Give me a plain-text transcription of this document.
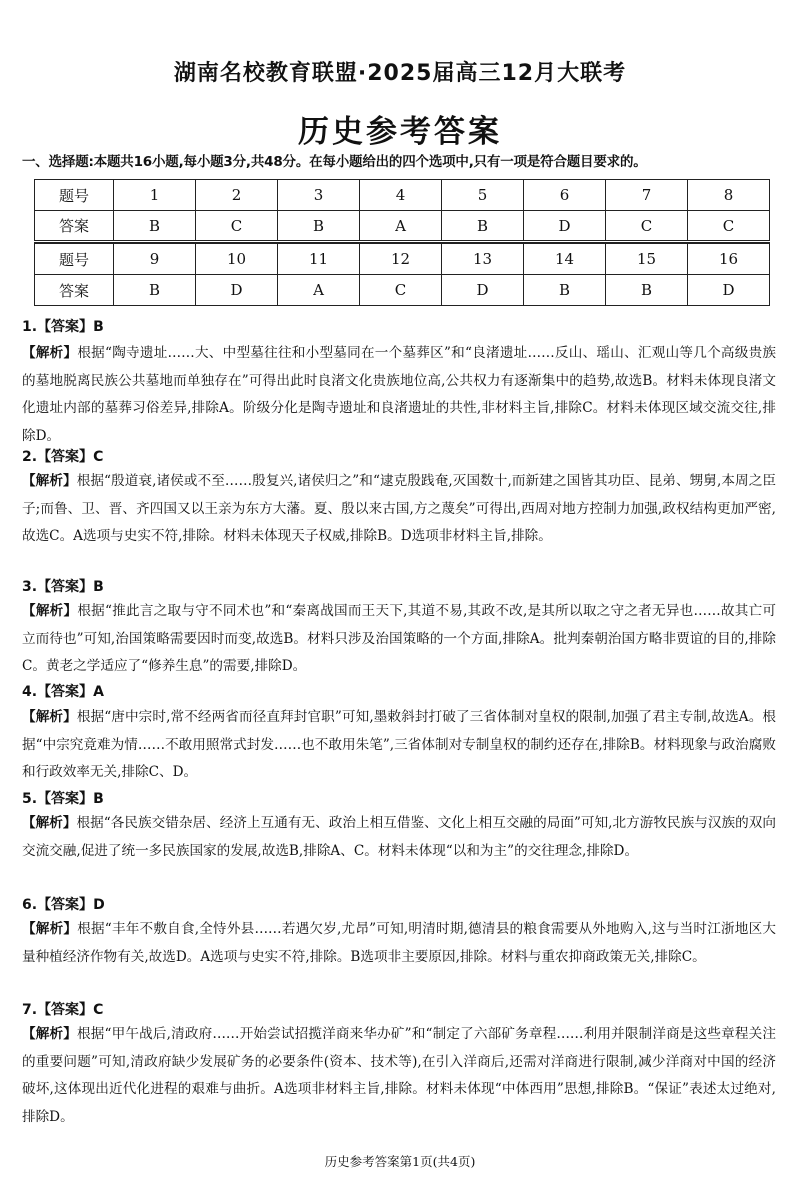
湖南名校教育联盟·2025届高三12月大联考
历史参考答案
一、选择题:本题共16小题,每小题3分,共48分。在每小题给出的四个选项中,只有一项是符合题目要求的。
题号	1	2	3	4	5	6	7	8
答案	B	C	B	A	B	D	C	C
题号	9	10	11	12	13	14	15	16
答案	B	D	A	C	D	B	B	D
1.【答案】B
【解析】根据“陶寺遗址……大、中型墓往往和小型墓同在一个墓葬区”和“良渚遗址……反山、瑶山、汇观山等几个高级贵族的墓地脱离民族公共墓地而单独存在”可得出此时良渚文化贵族地位高,公共权力有逐渐集中的趋势,故选B。材料未体现良渚文化遗址内部的墓葬习俗差异,排除A。阶级分化是陶寺遗址和良渚遗址的共性,非材料主旨,排除C。材料未体现区域交流交往,排除D。
2.【答案】C
【解析】根据“殷道衰,诸侯或不至……殷复兴,诸侯归之”和“逮克殷践奄,灭国数十,而新建之国皆其功臣、昆弟、甥舅,本周之臣子;而鲁、卫、晋、齐四国又以王亲为东方大藩。夏、殷以来古国,方之蔑矣”可得出,西周对地方控制力加强,政权结构更加严密,故选C。A选项与史实不符,排除。材料未体现天子权威,排除B。D选项非材料主旨,排除。
3.【答案】B
【解析】根据“推此言之取与守不同术也”和“秦离战国而王天下,其道不易,其政不改,是其所以取之守之者无异也……故其亡可立而待也”可知,治国策略需要因时而变,故选B。材料只涉及治国策略的一个方面,排除A。批判秦朝治国方略非贾谊的目的,排除C。黄老之学适应了“修养生息”的需要,排除D。
4.【答案】A
【解析】根据“唐中宗时,常不经两省而径直拜封官职”可知,墨敕斜封打破了三省体制对皇权的限制,加强了君主专制,故选A。根据“中宗究竟难为情……不敢用照常式封发……也不敢用朱笔”,三省体制对专制皇权的制约还存在,排除B。材料现象与政治腐败和行政效率无关,排除C、D。
5.【答案】B
【解析】根据“各民族交错杂居、经济上互通有无、政治上相互借鉴、文化上相互交融的局面”可知,北方游牧民族与汉族的双向交流交融,促进了统一多民族国家的发展,故选B,排除A、C。材料未体现“以和为主”的交往理念,排除D。
6.【答案】D
【解析】根据“丰年不敷自食,全恃外县……若遇欠岁,尤昂”可知,明清时期,德清县的粮食需要从外地购入,这与当时江浙地区大量种植经济作物有关,故选D。A选项与史实不符,排除。B选项非主要原因,排除。材料与重农抑商政策无关,排除C。
7.【答案】C
【解析】根据“甲午战后,清政府……开始尝试招揽洋商来华办矿”和“制定了六部矿务章程……利用并限制洋商是这些章程关注的重要问题”可知,清政府缺少发展矿务的必要条件(资本、技术等),在引入洋商后,还需对洋商进行限制,减少洋商对中国的经济破坏,这体现出近代化进程的艰难与曲折。A选项非材料主旨,排除。材料未体现“中体西用”思想,排除B。“保证”表述太过绝对,排除D。
历史参考答案第1页(共4页)
